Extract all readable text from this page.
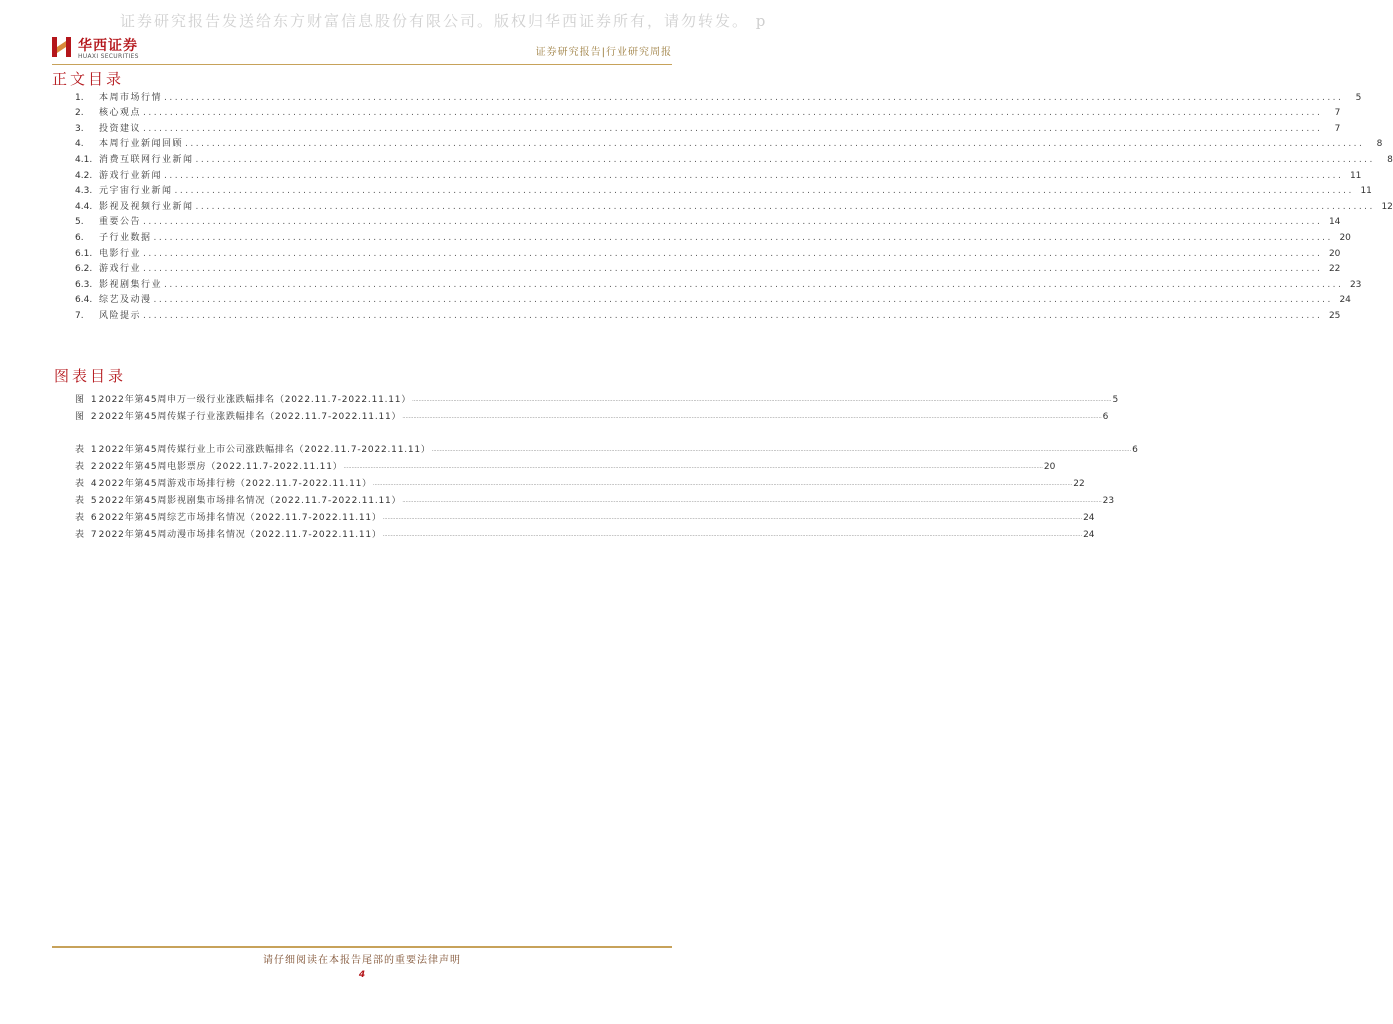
证券研究报告发送给东方财富信息股份有限公司。版权归华西证券所有，请勿转发。 p
华西证券
HUAXI SECURITIES	证券研究报告|行业研究周报
正文目录
1.	本周市场行情 ............................................................................................................................................................................................................................	5
2.	核心观点 ............................................................................................................................................................................................................................	7
3.	投资建议 ............................................................................................................................................................................................................................	7
4.	本周行业新闻回顾 ............................................................................................................................................................................................................................	8
4.1. 消费互联网行业新闻 ............................................................................................................................................................................................................................	8
4.2. 游戏行业新闻 ............................................................................................................................................................................................................................ 11
4.3. 元宇宙行业新闻 ............................................................................................................................................................................................................................ 11
4.4. 影视及视频行业新闻 ............................................................................................................................................................................................................................ 12
5.	重要公告 ............................................................................................................................................................................................................................ 14
6.	子行业数据 ............................................................................................................................................................................................................................ 20
6.1. 电影行业 ............................................................................................................................................................................................................................ 20
6.2. 游戏行业 ............................................................................................................................................................................................................................ 22
6.3. 影视剧集行业 ............................................................................................................................................................................................................................ 23
6.4. 综艺及动漫 ............................................................................................................................................................................................................................ 24
7.	风险提示 ............................................................................................................................................................................................................................ 25
图表目录
图 1 2022年第45周申万一级行业涨跌幅排名（2022.11.7-2022.11.11） ........................................................................................................................................................................................................................................................................................................................................................................................................................................................ 5
图 2 2022年第45周传媒子行业涨跌幅排名（2022.11.7-2022.11.11） ........................................................................................................................................................................................................................................................................................................................................................................................................................................................ 6
表 1 2022年第45周传媒行业上市公司涨跌幅排名（2022.11.7-2022.11.11） ........................................................................................................................................................................................................................................................................................................................................................................................................................................................ 6
表 2 2022年第45周电影票房（2022.11.7-2022.11.11） ........................................................................................................................................................................................................................................................................................................................................................................................................................................................ 20
表 4 2022年第45周游戏市场排行榜（2022.11.7-2022.11.11） ........................................................................................................................................................................................................................................................................................................................................................................................................................................................ 22
表 5 2022年第45周影视剧集市场排名情况（2022.11.7-2022.11.11） ........................................................................................................................................................................................................................................................................................................................................................................................................................................................ 23
表 6 2022年第45周综艺市场排名情况（2022.11.7-2022.11.11） ........................................................................................................................................................................................................................................................................................................................................................................................................................................................ 24
表 7 2022年第45周动漫市场排名情况（2022.11.7-2022.11.11） ........................................................................................................................................................................................................................................................................................................................................................................................................................................................ 24
请仔细阅读在本报告尾部的重要法律声明
4
